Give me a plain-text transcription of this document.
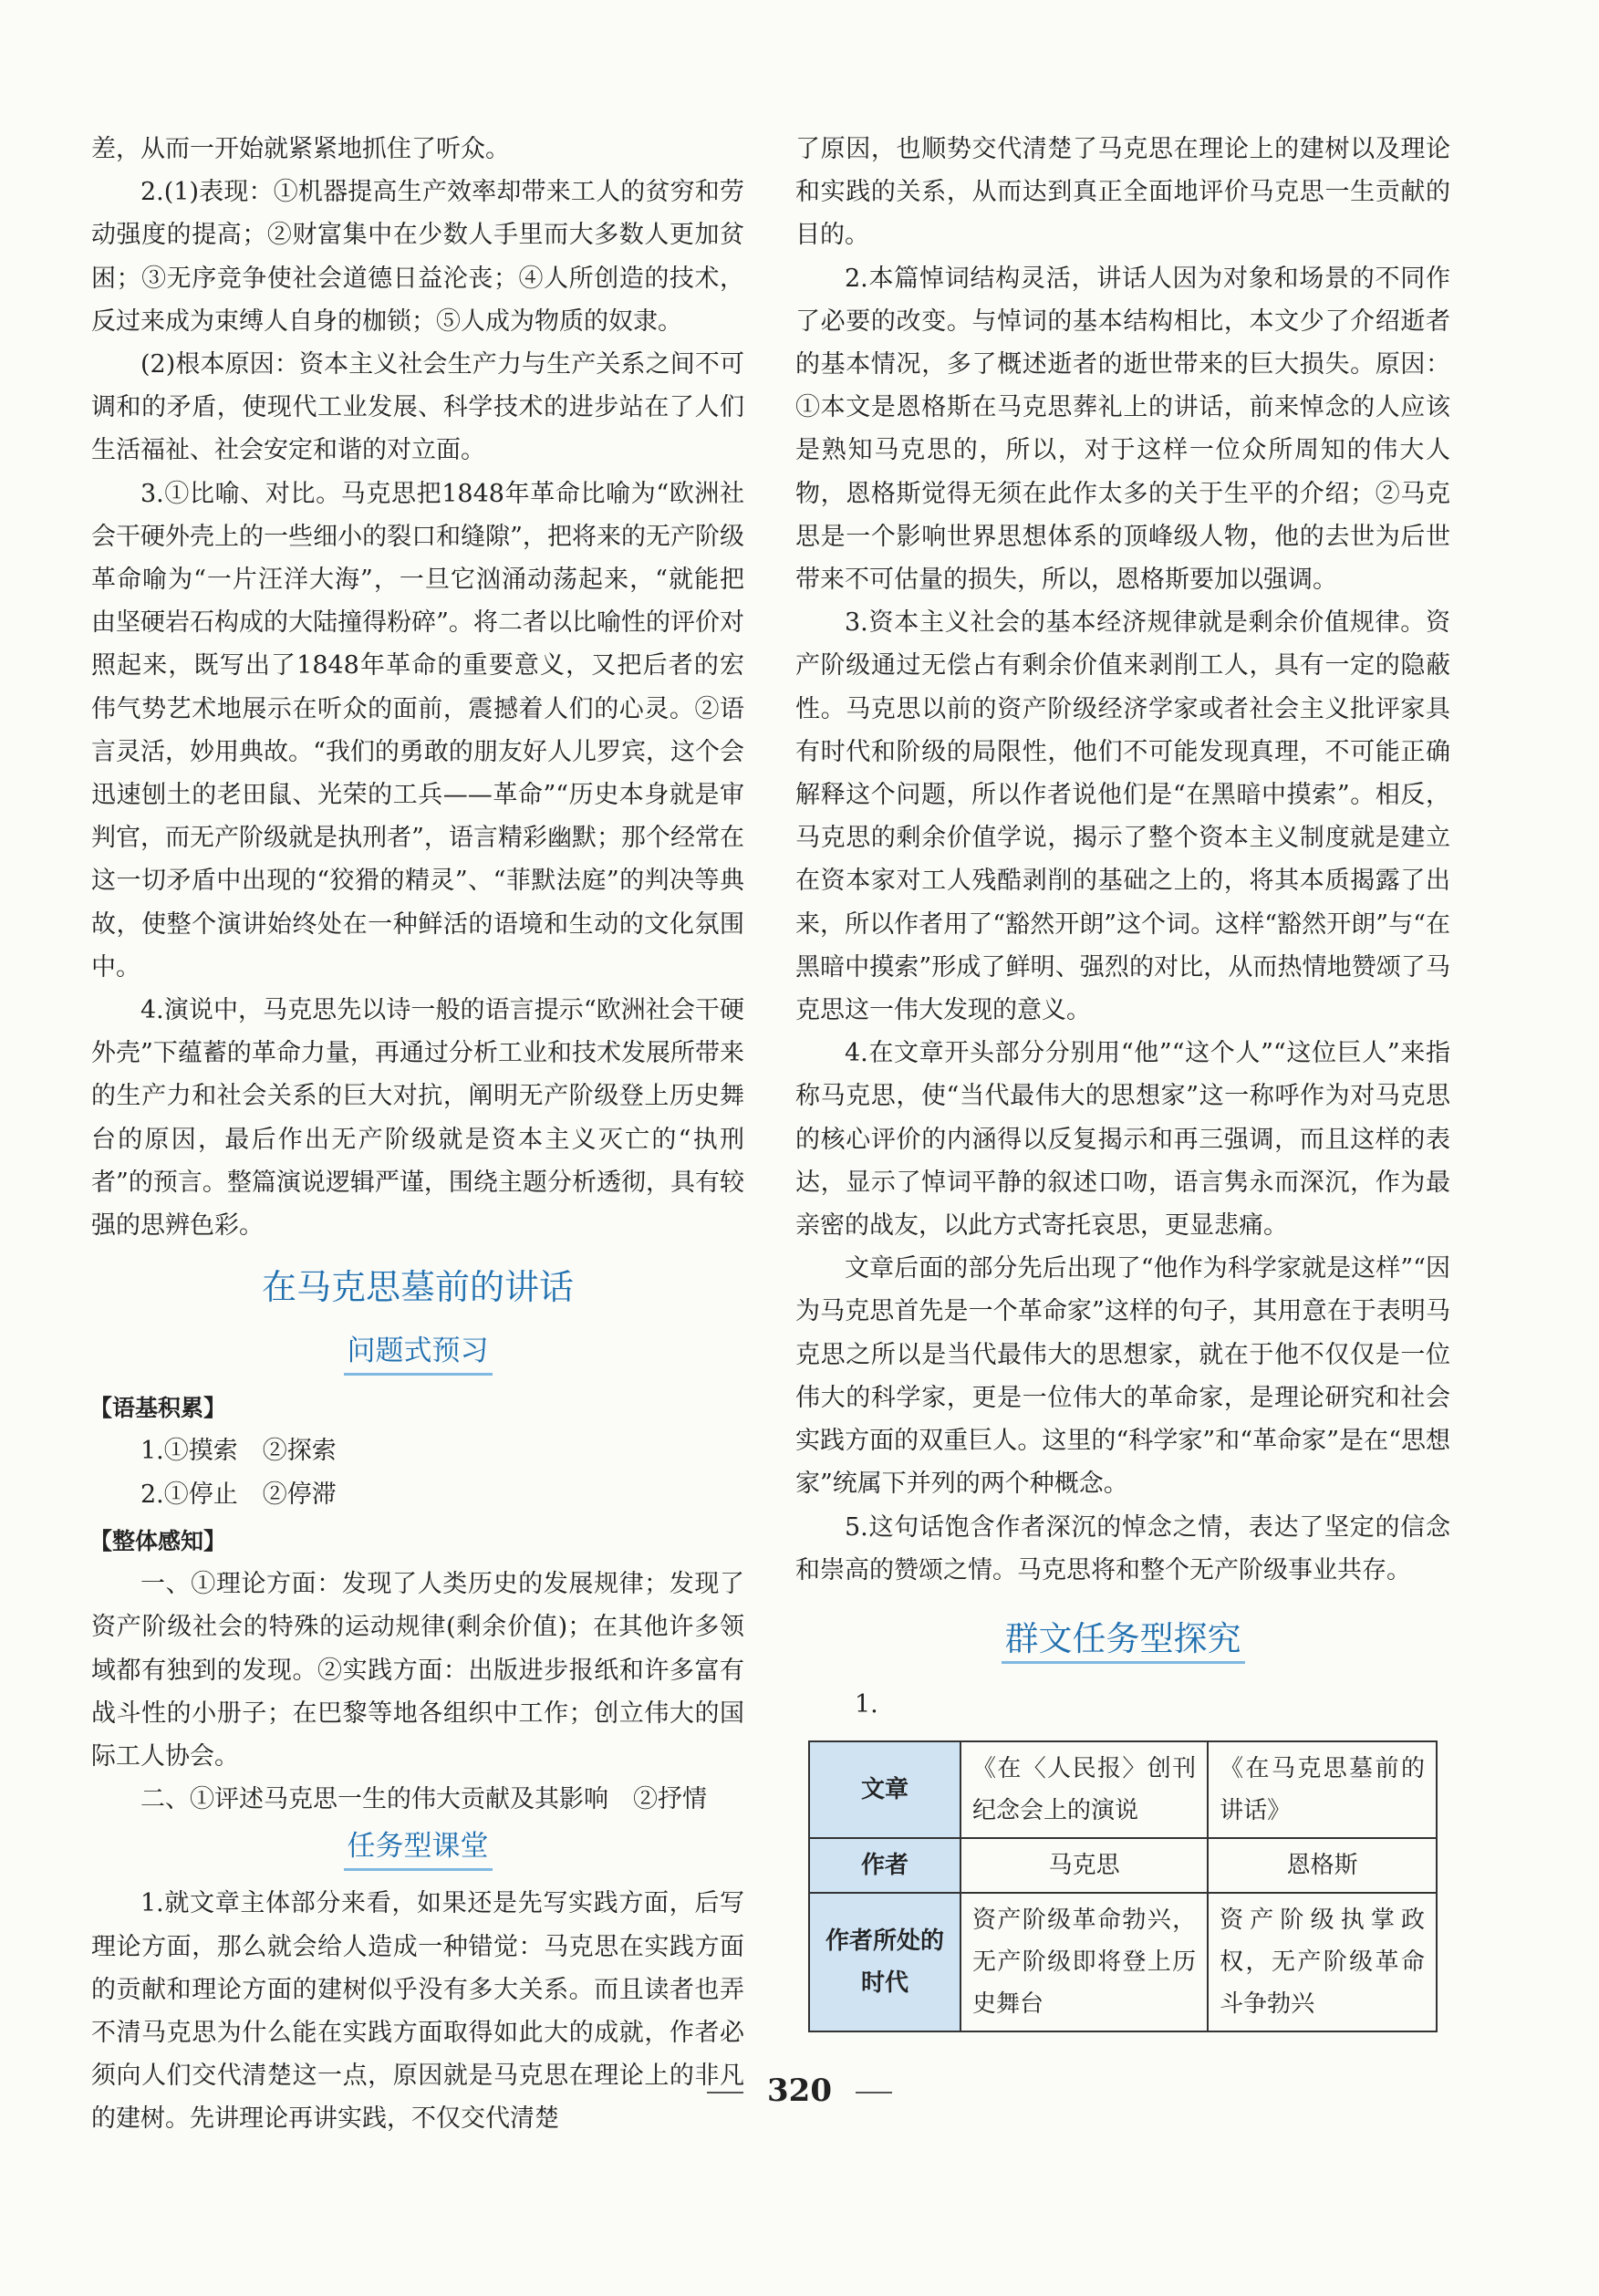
差，从而一开始就紧紧地抓住了听众。

2.(1)表现：①机器提高生产效率却带来工人的贫穷和劳动强度的提高；②财富集中在少数人手里而大多数人更加贫困；③无序竞争使社会道德日益沦丧；④人所创造的技术，反过来成为束缚人自身的枷锁；⑤人成为物质的奴隶。

(2)根本原因：资本主义社会生产力与生产关系之间不可调和的矛盾，使现代工业发展、科学技术的进步站在了人们生活福祉、社会安定和谐的对立面。

3.①比喻、对比。马克思把1848年革命比喻为“欧洲社会干硬外壳上的一些细小的裂口和缝隙”，把将来的无产阶级革命喻为“一片汪洋大海”，一旦它汹涌动荡起来，“就能把由坚硬岩石构成的大陆撞得粉碎”。将二者以比喻性的评价对照起来，既写出了1848年革命的重要意义，又把后者的宏伟气势艺术地展示在听众的面前，震撼着人们的心灵。②语言灵活，妙用典故。“我们的勇敢的朋友好人儿罗宾，这个会迅速刨土的老田鼠、光荣的工兵——革命”“历史本身就是审判官，而无产阶级就是执刑者”，语言精彩幽默；那个经常在这一切矛盾中出现的“狡猾的精灵”、“菲默法庭”的判决等典故，使整个演讲始终处在一种鲜活的语境和生动的文化氛围中。

4.演说中，马克思先以诗一般的语言提示“欧洲社会干硬外壳”下蕴蓄的革命力量，再通过分析工业和技术发展所带来的生产力和社会关系的巨大对抗，阐明无产阶级登上历史舞台的原因，最后作出无产阶级就是资本主义灭亡的“执刑者”的预言。整篇演说逻辑严谨，围绕主题分析透彻，具有较强的思辨色彩。

在马克思墓前的讲话
问题式预习
【语基积累】

1.①摸索　②探索

2.①停止　②停滞

【整体感知】

一、①理论方面：发现了人类历史的发展规律；发现了资产阶级社会的特殊的运动规律(剩余价值)；在其他许多领域都有独到的发现。②实践方面：出版进步报纸和许多富有战斗性的小册子；在巴黎等地各组织中工作；创立伟大的国际工人协会。

二、①评述马克思一生的伟大贡献及其影响　②抒情

任务型课堂

1.就文章主体部分来看，如果还是先写实践方面，后写理论方面，那么就会给人造成一种错觉：马克思在实践方面的贡献和理论方面的建树似乎没有多大关系。而且读者也弄不清马克思为什么能在实践方面取得如此大的成就，作者必须向人们交代清楚这一点，原因就是马克思在理论上的非凡的建树。先讲理论再讲实践，不仅交代清楚

了原因，也顺势交代清楚了马克思在理论上的建树以及理论和实践的关系，从而达到真正全面地评价马克思一生贡献的目的。

2.本篇悼词结构灵活，讲话人因为对象和场景的不同作了必要的改变。与悼词的基本结构相比，本文少了介绍逝者的基本情况，多了概述逝者的逝世带来的巨大损失。原因：①本文是恩格斯在马克思葬礼上的讲话，前来悼念的人应该是熟知马克思的，所以，对于这样一位众所周知的伟大人物，恩格斯觉得无须在此作太多的关于生平的介绍；②马克思是一个影响世界思想体系的顶峰级人物，他的去世为后世带来不可估量的损失，所以，恩格斯要加以强调。

3.资本主义社会的基本经济规律就是剩余价值规律。资产阶级通过无偿占有剩余价值来剥削工人，具有一定的隐蔽性。马克思以前的资产阶级经济学家或者社会主义批评家具有时代和阶级的局限性，他们不可能发现真理，不可能正确解释这个问题，所以作者说他们是“在黑暗中摸索”。相反，马克思的剩余价值学说，揭示了整个资本主义制度就是建立在资本家对工人残酷剥削的基础之上的，将其本质揭露了出来，所以作者用了“豁然开朗”这个词。这样“豁然开朗”与“在黑暗中摸索”形成了鲜明、强烈的对比，从而热情地赞颂了马克思这一伟大发现的意义。

4.在文章开头部分分别用“他”“这个人”“这位巨人”来指称马克思，使“当代最伟大的思想家”这一称呼作为对马克思的核心评价的内涵得以反复揭示和再三强调，而且这样的表达，显示了悼词平静的叙述口吻，语言隽永而深沉，作为最亲密的战友，以此方式寄托哀思，更显悲痛。

文章后面的部分先后出现了“他作为科学家就是这样”“因为马克思首先是一个革命家”这样的句子，其用意在于表明马克思之所以是当代最伟大的思想家，就在于他不仅仅是一位伟大的科学家，更是一位伟大的革命家，是理论研究和社会实践方面的双重巨人。这里的“科学家”和“革命家”是在“思想家”统属下并列的两个种概念。

5.这句话饱含作者深沉的悼念之情，表达了坚定的信念和崇高的赞颂之情。马克思将和整个无产阶级事业共存。

群文任务型探究
1.
文章	《在〈人民报〉创刊纪念会上的演说	《在马克思墓前的讲话》
作者	马克思	恩格斯
作者所处的时代	资产阶级革命勃兴，无产阶级即将登上历史舞台	资产阶级执掌政权，无产阶级革命斗争勃兴
320
